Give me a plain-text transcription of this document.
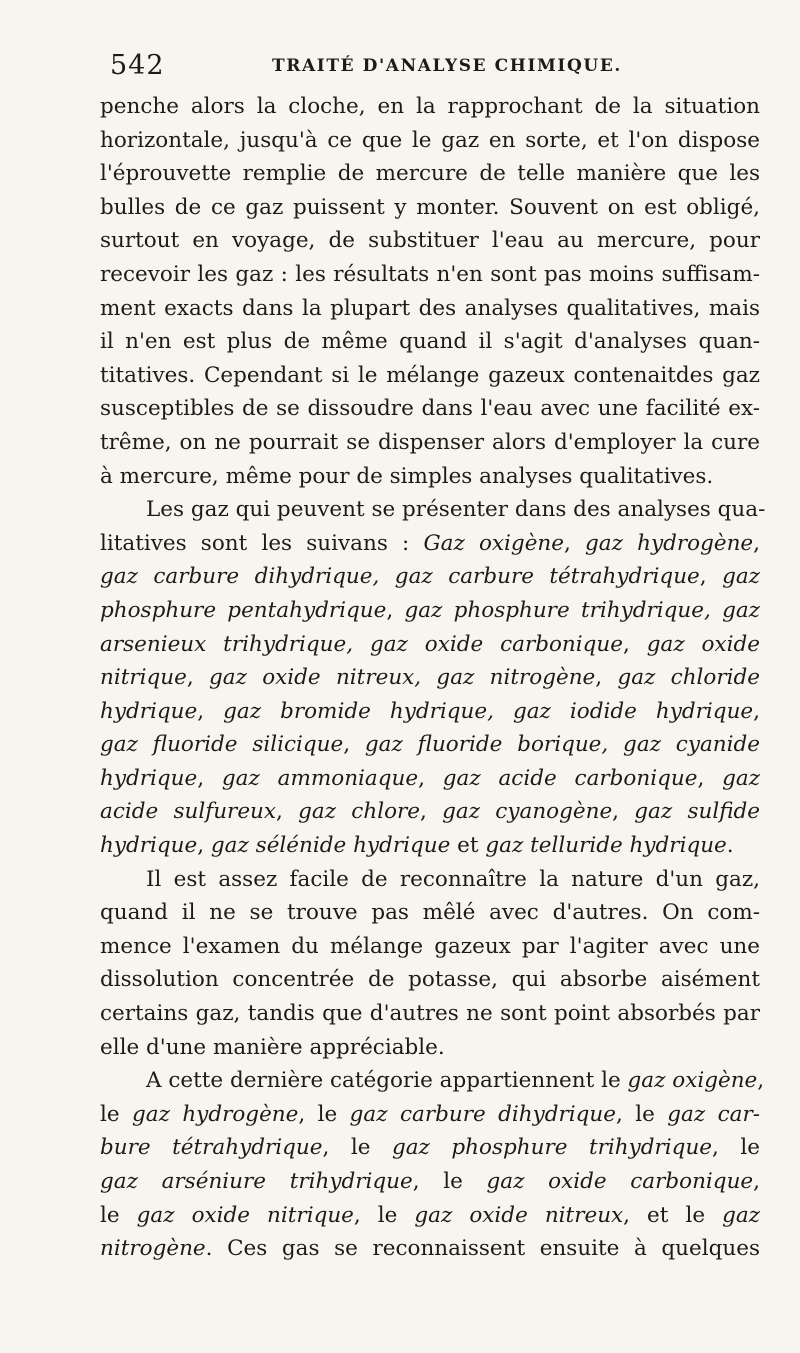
542	TRAITÉ D'ANALYSE CHIMIQUE.
penche alors la cloche, en la rapprochant de la situation
horizontale, jusqu'à ce que le gaz en sorte, et l'on dispose
l'éprouvette remplie de mercure de telle manière que les
bulles de ce gaz puissent y monter. Souvent on est obligé,
surtout en voyage, de substituer l'eau au mercure, pour
recevoir les gaz : les résultats n'en sont pas moins suffisam-
ment exacts dans la plupart des analyses qualitatives, mais
il n'en est plus de même quand il s'agit d'analyses quan-
titatives. Cependant si le mélange gazeux contenaitdes gaz
susceptibles de se dissoudre dans l'eau avec une facilité ex-
trême, on ne pourrait se dispenser alors d'employer la cure
à mercure, même pour de simples analyses qualitatives.
Les gaz qui peuvent se présenter dans des analyses qua-
litatives sont les suivans : Gaz oxigène, gaz hydrogène,
gaz carbure dihydrique, gaz carbure tétrahydrique, gaz
phosphure pentahydrique, gaz phosphure trihydrique, gaz
arsenieux trihydrique, gaz oxide carbonique, gaz oxide
nitrique, gaz oxide nitreux, gaz nitrogène, gaz chloride
hydrique, gaz bromide hydrique, gaz iodide hydrique,
gaz fluoride silicique, gaz fluoride borique, gaz cyanide
hydrique, gaz ammoniaque, gaz acide carbonique, gaz
acide sulfureux, gaz chlore, gaz cyanogène, gaz sulfide
hydrique, gaz sélénide hydrique et gaz telluride hydrique.
Il est assez facile de reconnaître la nature d'un gaz,
quand il ne se trouve pas mêlé avec d'autres. On com-
mence l'examen du mélange gazeux par l'agiter avec une
dissolution concentrée de potasse, qui absorbe aisément
certains gaz, tandis que d'autres ne sont point absorbés par
elle d'une manière appréciable.
A cette dernière catégorie appartiennent le gaz oxigène,
le gaz hydrogène, le gaz carbure dihydrique, le gaz car-
bure tétrahydrique, le gaz phosphure trihydrique, le
gaz arséniure trihydrique, le gaz oxide carbonique,
le gaz oxide nitrique, le gaz oxide nitreux, et le gaz
nitrogène. Ces gas se reconnaissent ensuite à quelques
